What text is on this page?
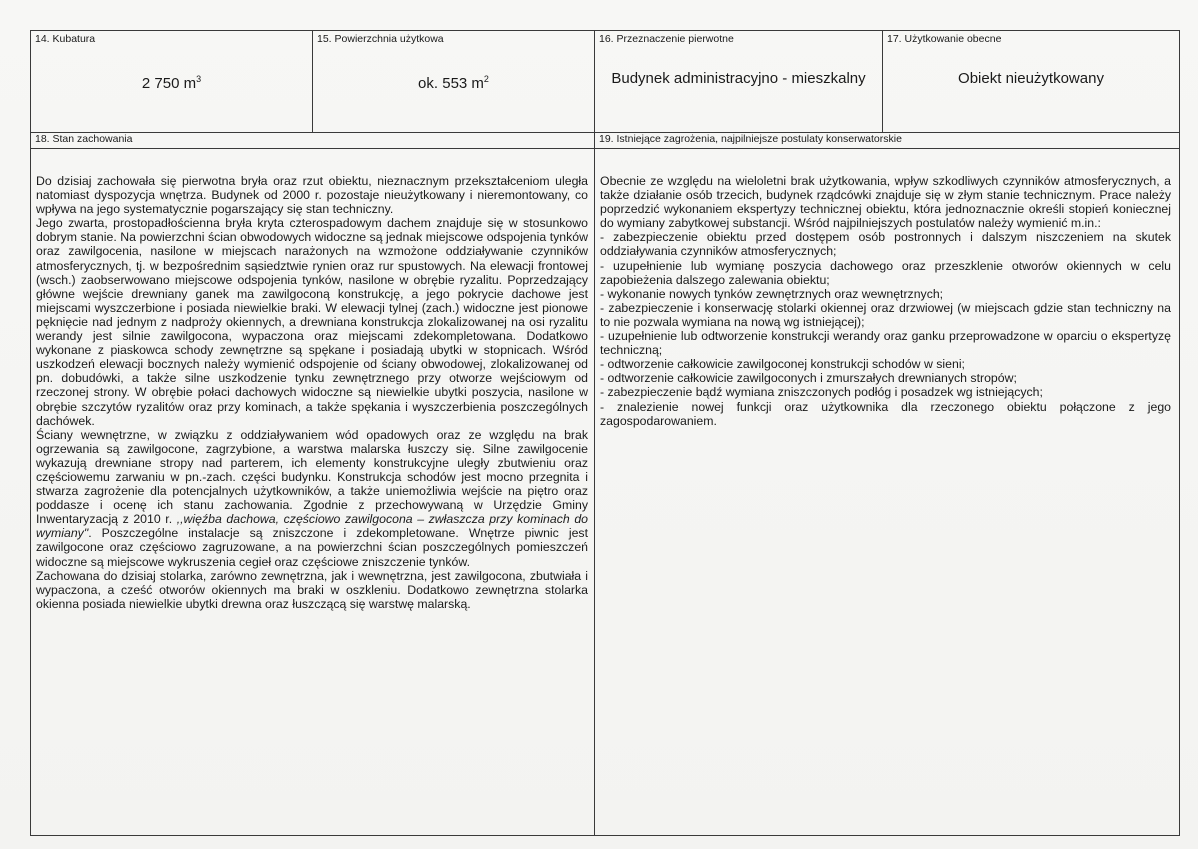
14. Kubatura
2 750 $m^3$
15. Powierzchnia użytkowa
ok. 553 $m^2$
16. Przeznaczenie pierwotne
Budynek administracyjno - mieszkalny
17. Użytkowanie obecne
Obiekt nieużytkowany
18. Stan zachowania

Do dzisiaj zachowała się pierwotna bryła oraz rzut obiektu, nieznacznym przekształceniom uległa natomiast dyspozycja wnętrza. Budynek od 2000 r. pozostaje nieużytkowany i nieremontowany, co wpływa na jego systematycznie pogarszający się stan techniczny.

Jego zwarta, prostopadłościenna bryła kryta czterospadowym dachem znajduje się w stosunkowo dobrym stanie. Na powierzchni ścian obwodowych widoczne są jednak miejscowe odspojenia tynków oraz zawilgocenia, nasilone w miejscach narażonych na wzmożone oddziaływanie czynników atmosferycznych, tj. w bezpośrednim sąsiedztwie rynien oraz rur spustowych. Na elewacji frontowej (wsch.) zaobserwowano miejscowe odspojenia tynków, nasilone w obrębie ryzalitu. Poprzedzający główne wejście drewniany ganek ma zawilgoconą konstrukcję, a jego pokrycie dachowe jest miejscami wyszczerbione i posiada niewielkie braki. W elewacji tylnej (zach.) widoczne jest pionowe pęknięcie nad jednym z nadproży okiennych, a drewniana konstrukcja zlokalizowanej na osi ryzalitu werandy jest silnie zawilgocona, wypaczona oraz miejscami zdekompletowana. Dodatkowo wykonane z piaskowca schody zewnętrzne są spękane i posiadają ubytki w stopnicach. Wśród uszkodzeń elewacji bocznych należy wymienić odspojenie od ściany obwodowej, zlokalizowanej od pn. dobudówki, a także silne uszkodzenie tynku zewnętrznego przy otworze wejściowym od rzeczonej strony. W obrębie połaci dachowych widoczne są niewielkie ubytki poszycia, nasilone w obrębie szczytów ryzalitów oraz przy kominach, a także spękania i wyszczerbienia poszczególnych dachówek.

Ściany wewnętrzne, w związku z oddziaływaniem wód opadowych oraz ze względu na brak ogrzewania są zawilgocone, zagrzybione, a warstwa malarska łuszczy się. Silne zawilgocenie wykazują drewniane stropy nad parterem, ich elementy konstrukcyjne uległy zbutwieniu oraz częściowemu zarwaniu w pn.-zach. części budynku. Konstrukcja schodów jest mocno przegnita i stwarza zagrożenie dla potencjalnych użytkowników, a także uniemożliwia wejście na piętro oraz poddasze i ocenę ich stanu zachowania. Zgodnie z przechowywaną w Urzędzie Gminy Inwentaryzacją z 2010 r. ,,więźba dachowa, częściowo zawilgocona – zwłaszcza przy kominach do wymiany". Poszczególne instalacje są zniszczone i zdekompletowane. Wnętrze piwnic jest zawilgocone oraz częściowo zagruzowane, a na powierzchni ścian poszczególnych pomieszczeń widoczne są miejscowe wykruszenia cegieł oraz częściowe zniszczenie tynków.

Zachowana do dzisiaj stolarka, zarówno zewnętrzna, jak i wewnętrzna, jest zawilgocona, zbutwiała i wypaczona, a cześć otworów okiennych ma braki w oszkleniu. Dodatkowo zewnętrzna stolarka okienna posiada niewielkie ubytki drewna oraz łuszczącą się warstwę malarską.

19. Istniejące zagrożenia, najpilniejsze postulaty konserwatorskie

Obecnie ze względu na wieloletni brak użytkowania, wpływ szkodliwych czynników atmosferycznych, a także działanie osób trzecich, budynek rządcówki znajduje się w złym stanie technicznym. Prace należy poprzedzić wykonaniem ekspertyzy technicznej obiektu, która jednoznacznie określi stopień koniecznej do wymiany zabytkowej substancji. Wśród najpilniejszych postulatów należy wymienić m.in.:

- zabezpieczenie obiektu przed dostępem osób postronnych i dalszym niszczeniem na skutek oddziaływania czynników atmosferycznych;
- uzupełnienie lub wymianę poszycia dachowego oraz przeszklenie otworów okiennych w celu zapobieżenia dalszego zalewania obiektu;
- wykonanie nowych tynków zewnętrznych oraz wewnętrznych;
- zabezpieczenie i konserwację stolarki okiennej oraz drzwiowej (w miejscach gdzie stan techniczny na to nie pozwala wymiana na nową wg istniejącej);
- uzupełnienie lub odtworzenie konstrukcji werandy oraz ganku przeprowadzone w oparciu o ekspertyzę techniczną;
- odtworzenie całkowicie zawilgoconej konstrukcji schodów w sieni;
- odtworzenie całkowicie zawilgoconych i zmurszałych drewnianych stropów;
- zabezpieczenie bądź wymiana zniszczonych podłóg i posadzek wg istniejących;
- znalezienie nowej funkcji oraz użytkownika dla rzeczonego obiektu połączone z jego zagospodarowaniem.
